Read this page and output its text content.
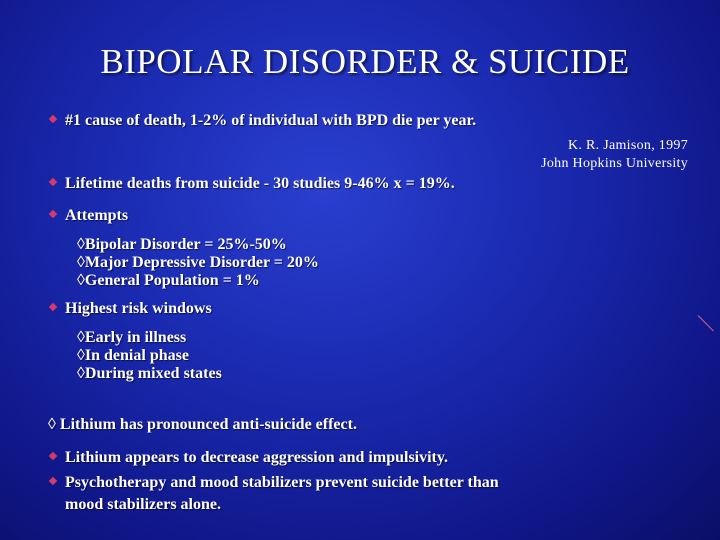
BIPOLAR DISORDER & SUICIDE
#1 cause of death, 1-2% of individual with BPD die per year.
K. R. Jamison, 1997
John Hopkins University
Lifetime deaths from suicide - 30 studies 9-46% x = 19%.
Attempts
◊Bipolar Disorder = 25%-50%
◊Major Depressive Disorder = 20%
◊General Population = 1%
Highest risk windows
◊Early in illness
◊In denial phase
◊During mixed states
◊ Lithium has pronounced anti-suicide effect.
Lithium appears to decrease aggression and impulsivity.
Psychotherapy and mood stabilizers prevent suicide better than
mood stabilizers alone.
